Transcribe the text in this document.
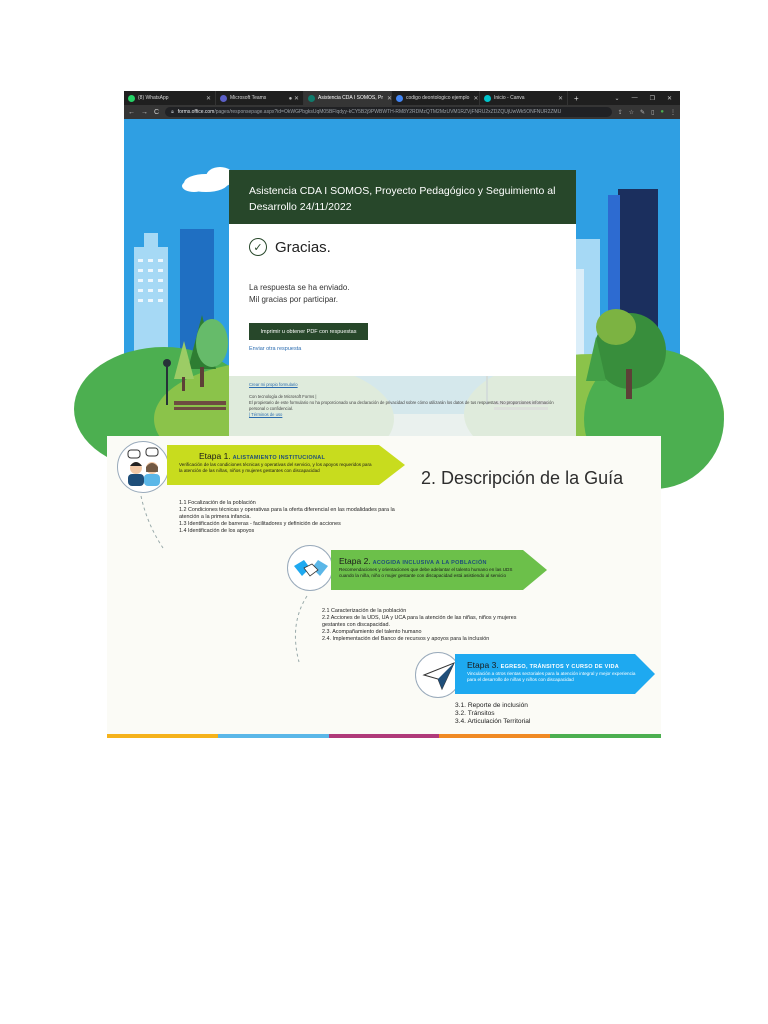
(8) WhatsApp	✕	Microsoft Teams	● ✕	Asistencia CDA I SOMOS, Pr ✕	codigo deontologico ejemplo ✕	Inicio - Canva	✕	+	⌄ — ❐ ✕
← → C 🔒︎ forms.office.com /pages/responsepage.aspx?id=OkWGPbgksUqM05BFlqdyy-kCY5B2j9PWBWTH-RM8Y2RDMzQTM2MzUVM1RZVjFNRU2xZDZQUjUwWk5ONFNUR2ZMU	⇪ ☆ ✎ ▯ ● ⋮
Asistencia CDA I SOMOS, Proyecto Pedagógico y Seguimiento al Desarrollo 24/11/2022
✓ Gracias.
La respuesta se ha enviado.
Mil gracias por participar.
Imprimir u obtener PDF con respuestas
Enviar otra respuesta
Crear mi propio formulario
Con tecnología de Microsoft Forms |
El propietario de este formulario no ha proporcionado una declaración de privacidad sobre cómo utilizarán los datos de tus respuestas. No proporciones información personal o confidencial.
| Términos de uso
2. Descripción de la Guía
Etapa 1. ALISTAMIENTO INSTITUCIONAL
Verificación de las condiciones técnicas y operativas del servicio, y los apoyos requeridos para la atención de las niñas, niños y mujeres gestantes con discapacidad
1.1 Focalización de la población
1.2 Condiciones técnicas y operativas para la oferta diferencial en las modalidades para la atención a la primera infancia.
1.3 Identificación de barreras - facilitadores y definición de acciones
1.4 Identificación de los apoyos
Etapa 2. ACOGIDA INCLUSIVA A LA POBLACIÓN
Recomendaciones y orientaciones que debe adelantar el talento humano en las UDS cuando la niña, niño o mujer gestante con discapacidad está asistiendo al servicio
2.1 Caracterización de la población
2.2 Acciones de la UDS, UA y UCA para la atención de las niñas, niños y mujeres gestantes con discapacidad.
2.3. Acompañamiento del talento humano
2.4. Implementación del Banco de recursos y apoyos para la inclusión
Etapa 3. EGRESO, TRÁNSITOS Y CURSO DE VIDA
Vinculación a otros rientas sectoriales para la atención integral y mejor experiencia para el desarrollo de niñas y niños con discapacidad
3.1. Reporte de inclusión
3.2. Tránsitos
3.4. Articulación Territorial
